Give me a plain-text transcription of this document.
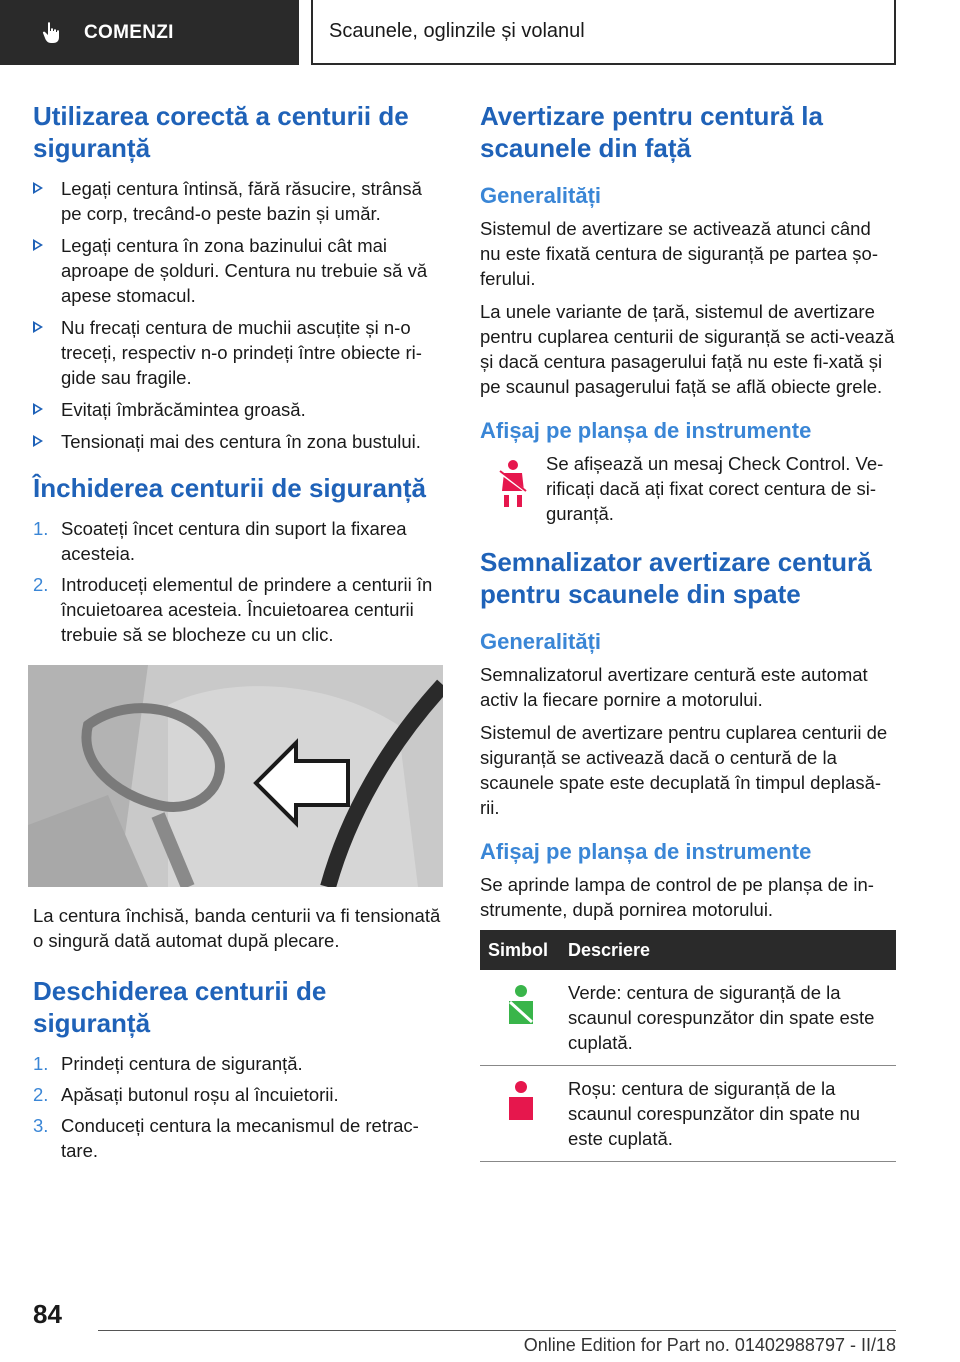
COMENZI	Scaunele, oglinzile și volanul
Utilizarea corectă a centurii de siguranță
Legați centura întinsă, fără răsucire, strânsă pe corp, trecând-o peste bazin și umăr.
Legați centura în zona bazinului cât mai aproape de șolduri. Centura nu trebuie să vă apese stomacul.
Nu frecați centura de muchii ascuțite și n-o treceți, respectiv n-o prindeți între obiecte ri-gide sau fragile.
Evitați îmbrăcămintea groasă.
Tensionați mai des centura în zona bustului.
Închiderea centurii de siguranță
1. Scoateți încet centura din suport la fixarea acesteia.
2. Introduceți elementul de prindere a centurii în încuietoarea acesteia. Încuietoarea centurii trebuie să se blocheze cu un clic.

La centura închisă, banda centurii va fi tensionată o singură dată automat după plecare.

Deschiderea centurii de siguranță
1. Prindeți centura de siguranță.
2. Apăsați butonul roșu al încuietorii.
3. Conduceți centura la mecanismul de retrac-tare.
Avertizare pentru centură la scaunele din față
Generalități

Sistemul de avertizare se activează atunci când nu este fixată centura de siguranță pe partea șo-ferului.

La unele variante de țară, sistemul de avertizare pentru cuplarea centurii de siguranță se acti-vează și dacă centura pasagerului față nu este fi-xată și pe scaunul pasagerului față se află obiecte grele.

Afișaj pe planșa de instrumente

Se afișează un mesaj Check Control. Ve-rificați dacă ați fixat corect centura de si-guranță.

Semnalizator avertizare centură pentru scaunele din spate
Generalități

Semnalizatorul avertizare centură este automat activ la fiecare pornire a motorului.

Sistemul de avertizare pentru cuplarea centurii de siguranță se activează dacă o centură de la scaunele spate este decuplată în timpul deplasă-rii.

Afișaj pe planșa de instrumente

Se aprinde lampa de control de pe planșa de in-strumente, după pornirea motorului.

Simbol	Descriere
	Verde: centura de siguranță de la scaunul corespunzător din spate este cuplată.
	Roșu: centura de siguranță de la scaunul corespunzător din spate nu este cuplată.
84
Online Edition for Part no. 01402988797 - II/18
